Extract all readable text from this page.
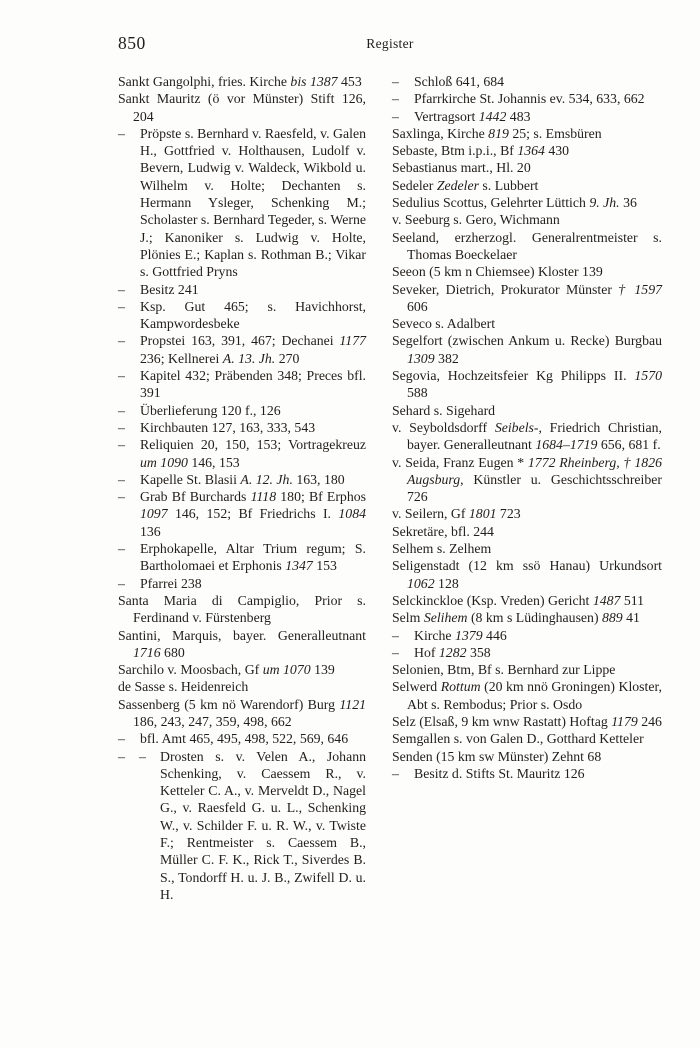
850	Register

Sankt Gangolphi, fries. Kirche bis 1387 453

Sankt Mauritz (ö vor Münster) Stift 126, 204

– Pröpste s. Bernhard v. Raesfeld, v. Galen H., Gottfried v. Holthausen, Ludolf v. Bevern, Ludwig v. Waldeck, Wikbold u. Wilhelm v. Holte; Dechanten s. Hermann Ysleger, Schenking M.; Scholaster s. Bernhard Tegeder, s. Werne J.; Kanoniker s. Ludwig v. Holte, Plönies E.; Kaplan s. Rothman B.; Vikar s. Gottfried Pryns

– Besitz 241

– Ksp. Gut 465; s. Havichhorst, Kampwordesbeke

– Propstei 163, 391, 467; Dechanei 1177 236; Kellnerei A. 13. Jh. 270

– Kapitel 432; Präbenden 348; Preces bfl. 391

– Überlieferung 120 f., 126

– Kirchbauten 127, 163, 333, 543

– Reliquien 20, 150, 153; Vortragekreuz um 1090 146, 153

– Kapelle St. Blasii A. 12. Jh. 163, 180

– Grab Bf Burchards 1118 180; Bf Erphos 1097 146, 152; Bf Friedrichs I. 1084 136

– Erphokapelle, Altar Trium regum; S. Bartholomaei et Erphonis 1347 153

– Pfarrei 238

Santa Maria di Campiglio, Prior s. Ferdinand v. Fürstenberg

Santini, Marquis, bayer. Generalleutnant 1716 680

Sarchilo v. Moosbach, Gf um 1070 139

de Sasse s. Heidenreich

Sassenberg (5 km nö Warendorf) Burg 1121 186, 243, 247, 359, 498, 662

– bfl. Amt 465, 495, 498, 522, 569, 646

– – Drosten s. v. Velen A., Johann Schenking, v. Caessem R., v. Ketteler C. A., v. Merveldt D., Nagel G., v. Raesfeld G. u. L., Schenking W., v. Schilder F. u. R. W., v. Twiste F.; Rentmeister s. Caessem B., Müller C. F. K., Rick T., Siverdes B. S., Tondorff H. u. J. B., Zwifell D. u. H.

– Schloß 641, 684

– Pfarrkirche St. Johannis ev. 534, 633, 662

– Vertragsort 1442 483

Saxlinga, Kirche 819 25; s. Emsbüren

Sebaste, Btm i.p.i., Bf 1364 430

Sebastianus mart., Hl. 20

Sedeler Zedeler s. Lubbert

Sedulius Scottus, Gelehrter Lüttich 9. Jh. 36

v. Seeburg s. Gero, Wichmann

Seeland, erzherzogl. Generalrentmeister s. Thomas Boeckelaer

Seeon (5 km n Chiemsee) Kloster 139

Seveker, Dietrich, Prokurator Münster † 1597 606

Seveco s. Adalbert

Segelfort (zwischen Ankum u. Recke) Burgbau 1309 382

Segovia, Hochzeitsfeier Kg Philipps II. 1570 588

Sehard s. Sigehard

v. Seyboldsdorff Seibels-, Friedrich Christian, bayer. Generalleutnant 1684–1719 656, 681 f.

v. Seida, Franz Eugen * 1772 Rheinberg, † 1826 Augsburg, Künstler u. Geschichtsschreiber 726

v. Seilern, Gf 1801 723

Sekretäre, bfl. 244

Selhem s. Zelhem

Seligenstadt (12 km ssö Hanau) Urkundsort 1062 128

Selckinckloe (Ksp. Vreden) Gericht 1487 511

Selm Selihem (8 km s Lüdinghausen) 889 41

– Kirche 1379 446

– Hof 1282 358

Selonien, Btm, Bf s. Bernhard zur Lippe

Selwerd Rottum (20 km nnö Groningen) Kloster, Abt s. Rembodus; Prior s. Osdo

Selz (Elsaß, 9 km wnw Rastatt) Hoftag 1179 246

Semgallen s. von Galen D., Gotthard Ketteler

Senden (15 km sw Münster) Zehnt 68

– Besitz d. Stifts St. Mauritz 126
